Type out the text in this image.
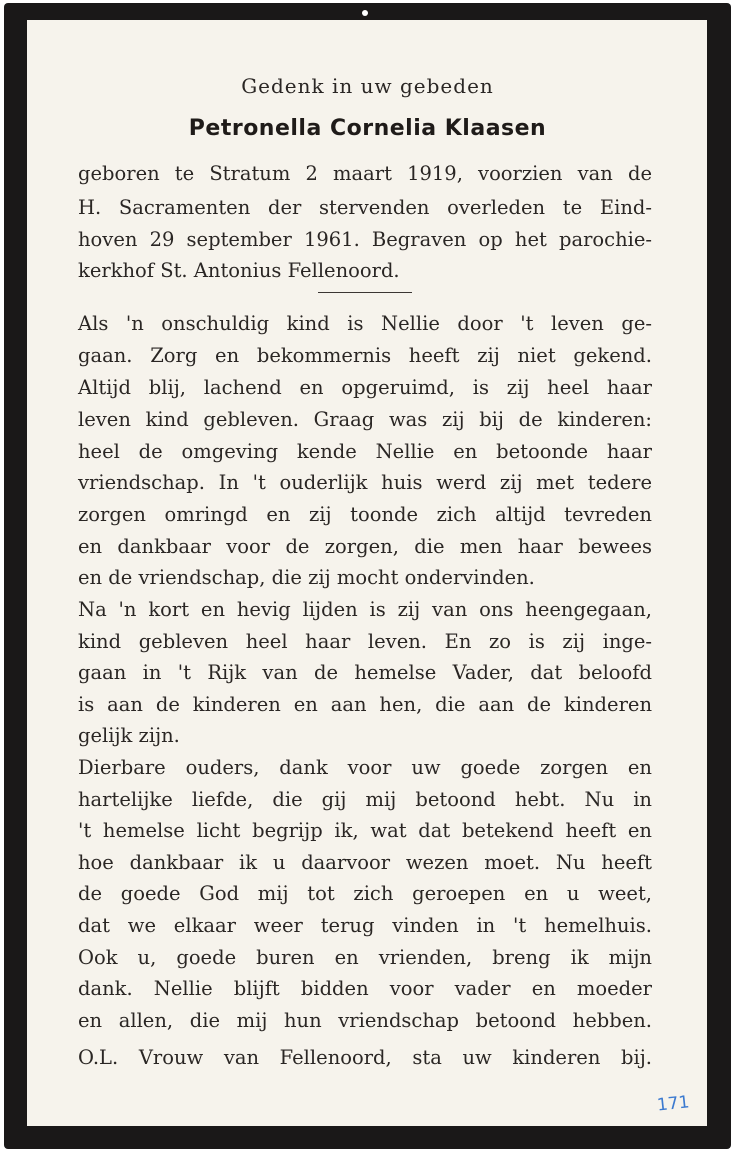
Gedenk in uw gebeden
Petronella Cornelia Klaasen
geboren te Stratum 2 maart 1919, voorzien van de
H. Sacramenten der stervenden overleden te Eind-
hoven 29 september 1961. Begraven op het parochie-
kerkhof St. Antonius Fellenoord.
Als 'n onschuldig kind is Nellie door 't leven ge-
gaan. Zorg en bekommernis heeft zij niet gekend.
Altijd blij, lachend en opgeruimd, is zij heel haar
leven kind gebleven. Graag was zij bij de kinderen:
heel de omgeving kende Nellie en betoonde haar
vriendschap. In 't ouderlijk huis werd zij met tedere
zorgen omringd en zij toonde zich altijd tevreden
en dankbaar voor de zorgen, die men haar bewees
en de vriendschap, die zij mocht ondervinden.
Na 'n kort en hevig lijden is zij van ons heengegaan,
kind gebleven heel haar leven. En zo is zij inge-
gaan in 't Rijk van de hemelse Vader, dat beloofd
is aan de kinderen en aan hen, die aan de kinderen
gelijk zijn.
Dierbare ouders, dank voor uw goede zorgen en
hartelijke liefde, die gij mij betoond hebt. Nu in
't hemelse licht begrijp ik, wat dat betekend heeft en
hoe dankbaar ik u daarvoor wezen moet. Nu heeft
de goede God mij tot zich geroepen en u weet,
dat we elkaar weer terug vinden in 't hemelhuis.
Ook u, goede buren en vrienden, breng ik mijn
dank. Nellie blijft bidden voor vader en moeder
en allen, die mij hun vriendschap betoond hebben.
O.L. Vrouw van Fellenoord, sta uw kinderen bij.
171
